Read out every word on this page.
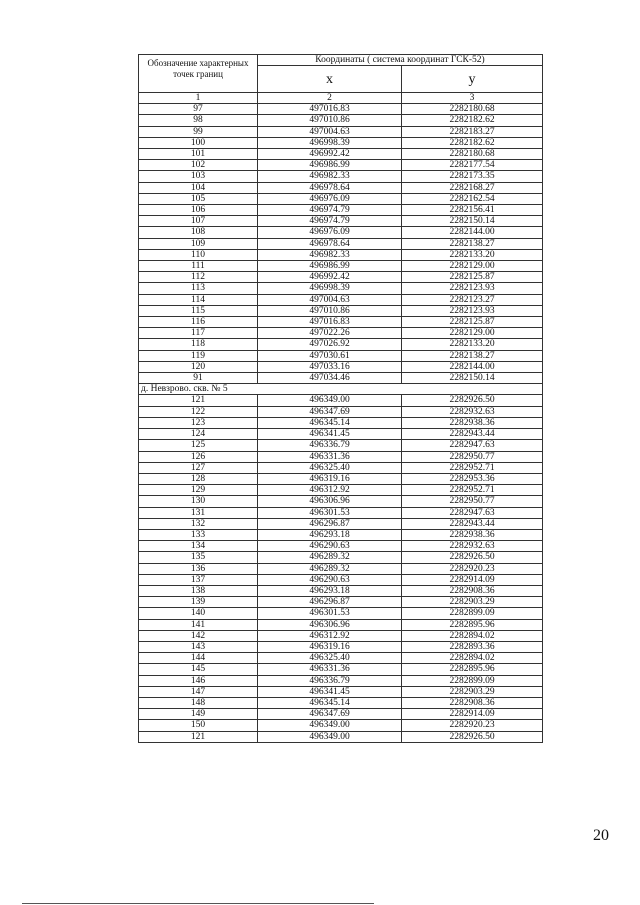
Обозначение характерных точек границ	Координаты ( система координат ГСК-52)	
	х	у
1	2	3
97	497016.83	2282180.68
98	497010.86	2282182.62
99	497004.63	2282183.27
100	496998.39	2282182.62
101	496992.42	2282180.68
102	496986.99	2282177.54
103	496982.33	2282173.35
104	496978.64	2282168.27
105	496976.09	2282162.54
106	496974.79	2282156.41
107	496974.79	2282150.14
108	496976.09	2282144.00
109	496978.64	2282138.27
110	496982.33	2282133.20
111	496986.99	2282129.00
112	496992.42	2282125.87
113	496998.39	2282123.93
114	497004.63	2282123.27
115	497010.86	2282123.93
116	497016.83	2282125.87
117	497022.26	2282129.00
118	497026.92	2282133.20
119	497030.61	2282138.27
120	497033.16	2282144.00
91	497034.46	2282150.14
д. Невзрово. скв. № 5		
121	496349.00	2282926.50
122	496347.69	2282932.63
123	496345.14	2282938.36
124	496341.45	2282943.44
125	496336.79	2282947.63
126	496331.36	2282950.77
127	496325.40	2282952.71
128	496319.16	2282953.36
129	496312.92	2282952.71
130	496306.96	2282950.77
131	496301.53	2282947.63
132	496296.87	2282943.44
133	496293.18	2282938.36
134	496290.63	2282932.63
135	496289.32	2282926.50
136	496289.32	2282920.23
137	496290.63	2282914.09
138	496293.18	2282908.36
139	496296.87	2282903.29
140	496301.53	2282899.09
141	496306.96	2282895.96
142	496312.92	2282894.02
143	496319.16	2282893.36
144	496325.40	2282894.02
145	496331.36	2282895.96
146	496336.79	2282899.09
147	496341.45	2282903.29
148	496345.14	2282908.36
149	496347.69	2282914.09
150	496349.00	2282920.23
121	496349.00	2282926.50
20
